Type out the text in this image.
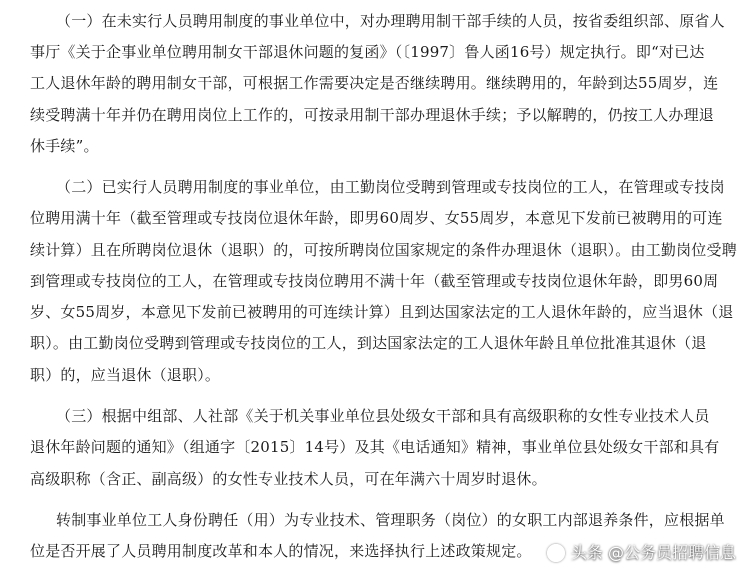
（一）在未实行人员聘用制度的事业单位中，对办理聘用制干部手续的人员，按省委组织部、原省人
事厅《关于企事业单位聘用制女干部退休问题的复函》（〔1997〕鲁人函16号）规定执行。即“对已达
工人退休年龄的聘用制女干部，可根据工作需要决定是否继续聘用。继续聘用的，年龄到达55周岁，连
续受聘满十年并仍在聘用岗位上工作的，可按录用制干部办理退休手续；予以解聘的，仍按工人办理退
休手续”。
（二）已实行人员聘用制度的事业单位，由工勤岗位受聘到管理或专技岗位的工人，在管理或专技岗
位聘用满十年（截至管理或专技岗位退休年龄，即男60周岁、女55周岁，本意见下发前已被聘用的可连
续计算）且在所聘岗位退休（退职）的，可按所聘岗位国家规定的条件办理退休（退职）。由工勤岗位受聘
到管理或专技岗位的工人，在管理或专技岗位聘用不满十年（截至管理或专技岗位退休年龄，即男60周
岁、女55周岁，本意见下发前已被聘用的可连续计算）且到达国家法定的工人退休年龄的，应当退休（退
职）。由工勤岗位受聘到管理或专技岗位的工人，到达国家法定的工人退休年龄且单位批准其退休（退
职）的，应当退休（退职）。
（三）根据中组部、人社部《关于机关事业单位县处级女干部和具有高级职称的女性专业技术人员
退休年龄问题的通知》（组通字〔2015〕14号）及其《电话通知》精神，事业单位县处级女干部和具有
高级职称（含正、副高级）的女性专业技术人员，可在年满六十周岁时退休。
转制事业单位工人身份聘任（用）为专业技术、管理职务（岗位）的女职工内部退养条件，应根据单
位是否开展了人员聘用制度改革和本人的情况，来选择执行上述政策规定。 头条 @公务员招聘信息
